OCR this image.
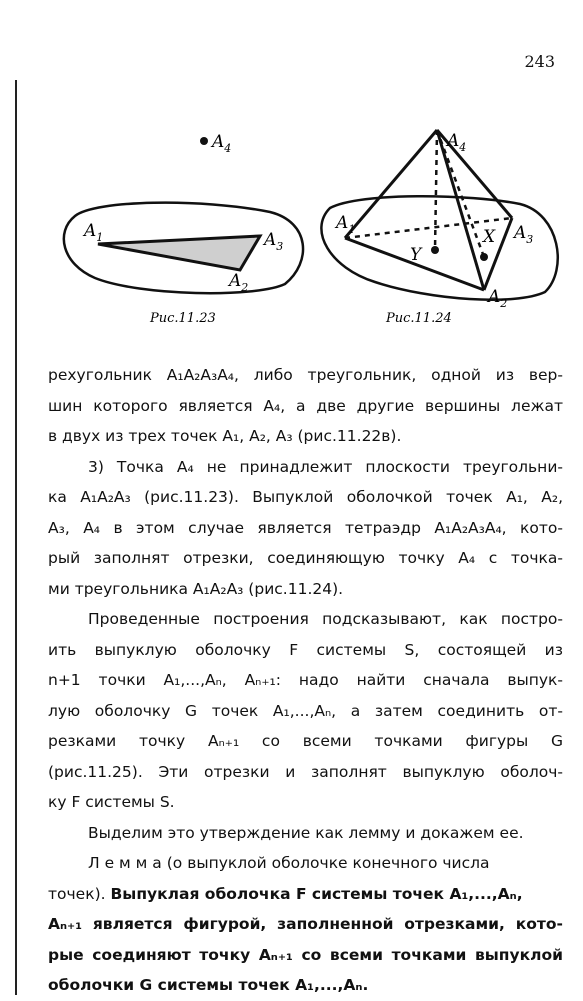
243
$A_4$
$A_1$	$A_3$
$A_2$
Рис.11.23
$A_4$
$A_1$	$A_3$
$A_2$
Y
X
Рис.11.24
рехугольник A₁A₂A₃A₄, либо треугольник, одной из вер-
шин которого является A₄, а две другие вершины лежат
в двух из трех точек A₁, A₂, A₃ (рис.11.22в).
3) Точка A₄ не принадлежит плоскости треугольни-
ка A₁A₂A₃ (рис.11.23). Выпуклой оболочкой точек A₁, A₂,
A₃, A₄ в этом случае является тетраэдр A₁A₂A₃A₄, кото-
рый заполнят отрезки, соединяющую точку A₄ с точка-
ми треугольника A₁A₂A₃ (рис.11.24).
Проведенные построения подсказывают, как постро-
ить выпуклую оболочку F системы S, состоящей из
n+1 точки A₁,...,Aₙ, Aₙ₊₁: надо найти сначала выпук-
лую оболочку G точек A₁,...,Aₙ, а затем соединить от-
резками точку Aₙ₊₁ со всеми точками фигуры G
(рис.11.25). Эти отрезки и заполнят выпуклую оболоч-
ку F системы S.
Выделим это утверждение как лемму и докажем ее.
Л е м м а (о выпуклой оболочке конечного числа
точек). Выпуклая оболочка F системы точек A₁,...,Aₙ,
Aₙ₊₁ является фигурой, заполненной отрезками, кото-
рые соединяют точку Aₙ₊₁ со всеми точками выпуклой
оболочки G системы точек A₁,...,Aₙ.
